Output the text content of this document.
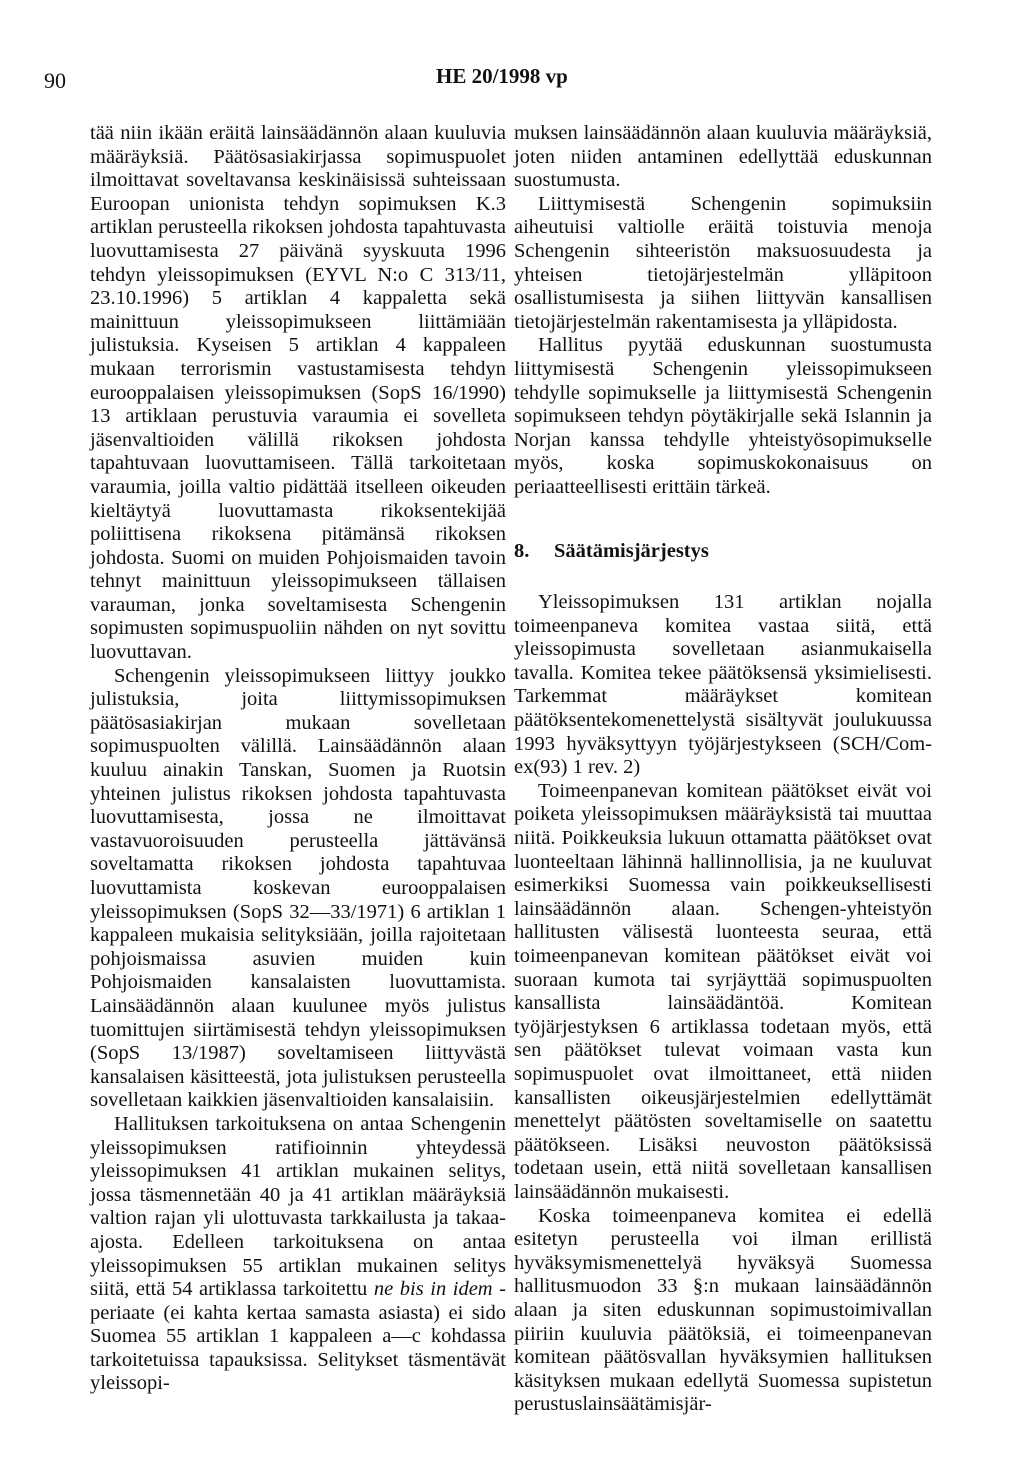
90	HE 20/1998 vp

tää niin ikään eräitä lainsäädännön alaan kuuluvia määräyksiä. Päätösasiakirjassa sopimuspuolet ilmoittavat soveltavansa keskinäisissä suhteissaan Euroopan unionista tehdyn sopimuksen K.3 artiklan perusteella rikoksen johdosta tapahtuvasta luovuttamisesta 27 päivänä syyskuuta 1996 tehdyn yleissopimuksen (EYVL N:o C 313/11, 23.10.1996) 5 artiklan 4 kappaletta sekä mainittuun yleissopimukseen liittämiään julistuksia. Kyseisen 5 artiklan 4 kappaleen mukaan terrorismin vastustamisesta tehdyn eurooppalaisen yleissopimuksen (SopS 16/1990) 13 artiklaan perustuvia varaumia ei sovelleta jäsenvaltioiden välillä rikoksen johdosta tapahtuvaan luovuttamiseen. Tällä tarkoitetaan varaumia, joilla valtio pidättää itselleen oikeuden kieltäytyä luovuttamasta rikoksentekijää poliittisena rikoksena pitämänsä rikoksen johdosta. Suomi on muiden Pohjoismaiden tavoin tehnyt mainittuun yleissopimukseen tällaisen varauman, jonka soveltamisesta Schengenin sopimusten sopimuspuoliin nähden on nyt sovittu luovuttavan.

Schengenin yleissopimukseen liittyy joukko julistuksia, joita liittymissopimuksen päätösasiakirjan mukaan sovelletaan sopimuspuolten välillä. Lainsäädännön alaan kuuluu ainakin Tanskan, Suomen ja Ruotsin yhteinen julistus rikoksen johdosta tapahtuvasta luovuttamisesta, jossa ne ilmoittavat vastavuoroisuuden perusteella jättävänsä soveltamatta rikoksen johdosta tapahtuvaa luovuttamista koskevan eurooppalaisen yleissopimuksen (SopS 32—33/1971) 6 artiklan 1 kappaleen mukaisia selityksiään, joilla rajoitetaan pohjoismaissa asuvien muiden kuin Pohjoismaiden kansalaisten luovuttamista. Lainsäädännön alaan kuulunee myös julistus tuomittujen siirtämisestä tehdyn yleissopimuksen (SopS 13/1987) soveltamiseen liittyvästä kansalaisen käsitteestä, jota julistuksen perusteella sovelletaan kaikkien jäsenvaltioiden kansalaisiin.

Hallituksen tarkoituksena on antaa Schengenin yleissopimuksen ratifioinnin yhteydessä yleissopimuksen 41 artiklan mukainen selitys, jossa täsmennetään 40 ja 41 artiklan määräyksiä valtion rajan yli ulottuvasta tarkkailusta ja takaa-ajosta. Edelleen tarkoituksena on antaa yleissopimuksen 55 artiklan mukainen selitys siitä, että 54 artiklassa tarkoitettu ne bis in idem -periaate (ei kahta kertaa samasta asiasta) ei sido Suomea 55 artiklan 1 kappaleen a—c kohdassa tarkoitetuissa tapauksissa. Selitykset täsmentävät yleissopi-

muksen lainsäädännön alaan kuuluvia määräyksiä, joten niiden antaminen edellyttää eduskunnan suostumusta.

Liittymisestä Schengenin sopimuksiin aiheutuisi valtiolle eräitä toistuvia menoja Schengenin sihteeristön maksuosuudesta ja yhteisen tietojärjestelmän ylläpitoon osallistumisesta ja siihen liittyvän kansallisen tietojärjestelmän rakentamisesta ja ylläpidosta.

Hallitus pyytää eduskunnan suostumusta liittymisestä Schengenin yleissopimukseen tehdylle sopimukselle ja liittymisestä Schengenin sopimukseen tehdyn pöytäkirjalle sekä Islannin ja Norjan kanssa tehdylle yhteistyösopimukselle myös, koska sopimuskokonaisuus on periaatteellisesti erittäin tärkeä.

8. Säätämisjärjestys

Yleissopimuksen 131 artiklan nojalla toimeenpaneva komitea vastaa siitä, että yleissopimusta sovelletaan asianmukaisella tavalla. Komitea tekee päätöksensä yksimielisesti. Tarkemmat määräykset komitean päätöksentekomenettelystä sisältyvät joulukuussa 1993 hyväksyttyyn työjärjestykseen (SCH/Com-ex(93) 1 rev. 2)

Toimeenpanevan komitean päätökset eivät voi poiketa yleissopimuksen määräyksistä tai muuttaa niitä. Poikkeuksia lukuun ottamatta päätökset ovat luonteeltaan lähinnä hallinnollisia, ja ne kuuluvat esimerkiksi Suomessa vain poikkeuksellisesti lainsäädännön alaan. Schengen-yhteistyön hallitusten välisestä luonteesta seuraa, että toimeenpanevan komitean päätökset eivät voi suoraan kumota tai syrjäyttää sopimuspuolten kansallista lainsäädäntöä. Komitean työjärjestyksen 6 artiklassa todetaan myös, että sen päätökset tulevat voimaan vasta kun sopimuspuolet ovat ilmoittaneet, että niiden kansallisten oikeusjärjestelmien edellyttämät menettelyt päätösten soveltamiselle on saatettu päätökseen. Lisäksi neuvoston päätöksissä todetaan usein, että niitä sovelletaan kansallisen lainsäädännön mukaisesti.

Koska toimeenpaneva komitea ei edellä esitetyn perusteella voi ilman erillistä hyväksymismenettelyä hyväksyä Suomessa hallitusmuodon 33 §:n mukaan lainsäädännön alaan ja siten eduskunnan sopimustoimivallan piiriin kuuluvia päätöksiä, ei toimeenpanevan komitean päätösvallan hyväksymien hallituksen käsityksen mukaan edellytä Suomessa supistetun perustuslainsäätämisjär-
